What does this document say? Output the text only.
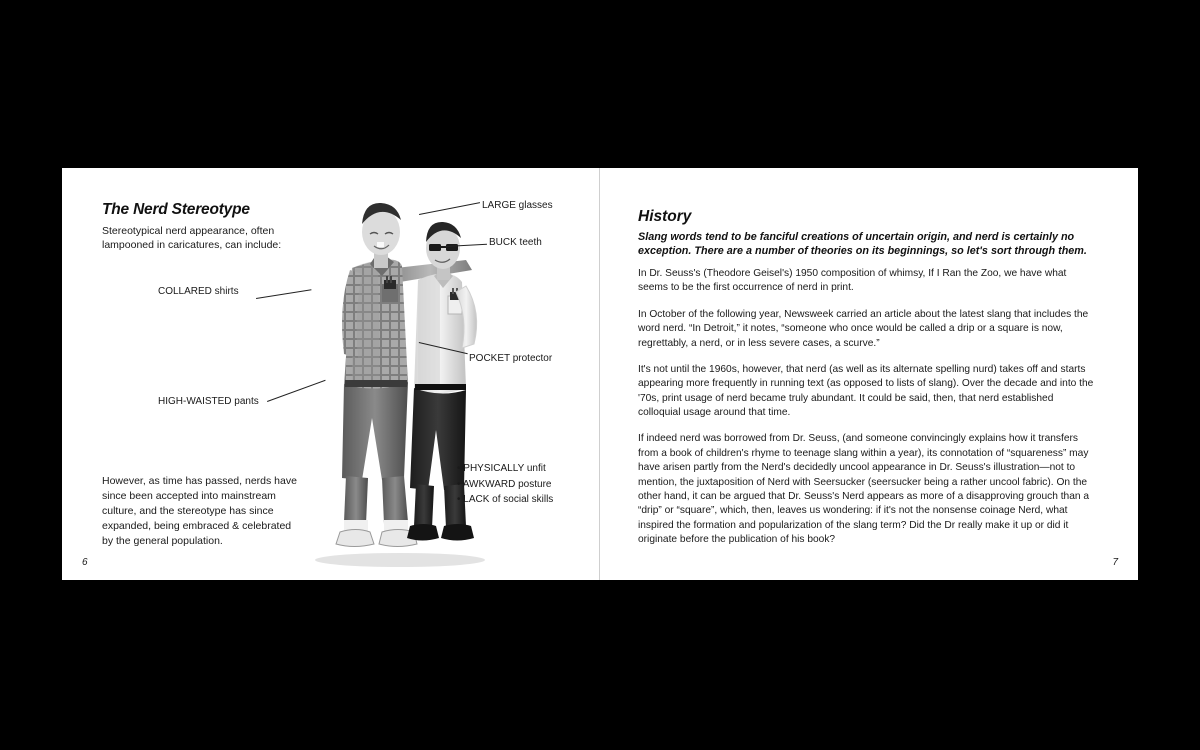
The Nerd Stereotype
Stereotypical nerd appearance, often lampooned in caricatures, can include:
LARGE glasses
BUCK teeth
COLLARED shirts
POCKET protector
HIGH-WAISTED pants
• PHYSICALLY unfit
• AWKWARD posture
• LACK of social skills
However, as time has passed, nerds have since been accepted into mainstream culture, and the stereotype has since expanded, being embraced & celebrated by the general population.
6
History
Slang words tend to be fanciful creations of uncertain origin, and nerd is certainly no exception. There are a number of theories on its beginnings, so let's sort through them.

In Dr. Seuss's (Theodore Geisel's) 1950 composition of whimsy, If I Ran the Zoo, we have what seems to be the first occurrence of nerd in print.

In October of the following year, Newsweek carried an article about the latest slang that includes the word nerd. “In Detroit,” it notes, “someone who once would be called a drip or a square is now, regrettably, a nerd, or in less severe cases, a scurve.”

It's not until the 1960s, however, that nerd (as well as its alternate spelling nurd) takes off and starts appearing more frequently in running text (as opposed to lists of slang). Over the decade and into the '70s, print usage of nerd became truly abundant. It could be said, then, that nerd established colloquial usage around that time.

If indeed nerd was borrowed from Dr. Seuss, (and someone convincingly explains how it transfers from a book of children's rhyme to teenage slang within a year), its connotation of “squareness” may have arisen partly from the Nerd's decidedly uncool appearance in Dr. Seuss's illustration—not to mention, the juxtaposition of Nerd with Seersucker (seersucker being a rather uncool fabric). On the other hand, it can be argued that Dr. Seuss's Nerd appears as more of a disapproving grouch than a “drip” or “square”, which, then, leaves us wondering: if it's not the nonsense coinage Nerd, what inspired the formation and popularization of the slang term? Did the Dr really make it up or did it originate before the publication of his book?

7
